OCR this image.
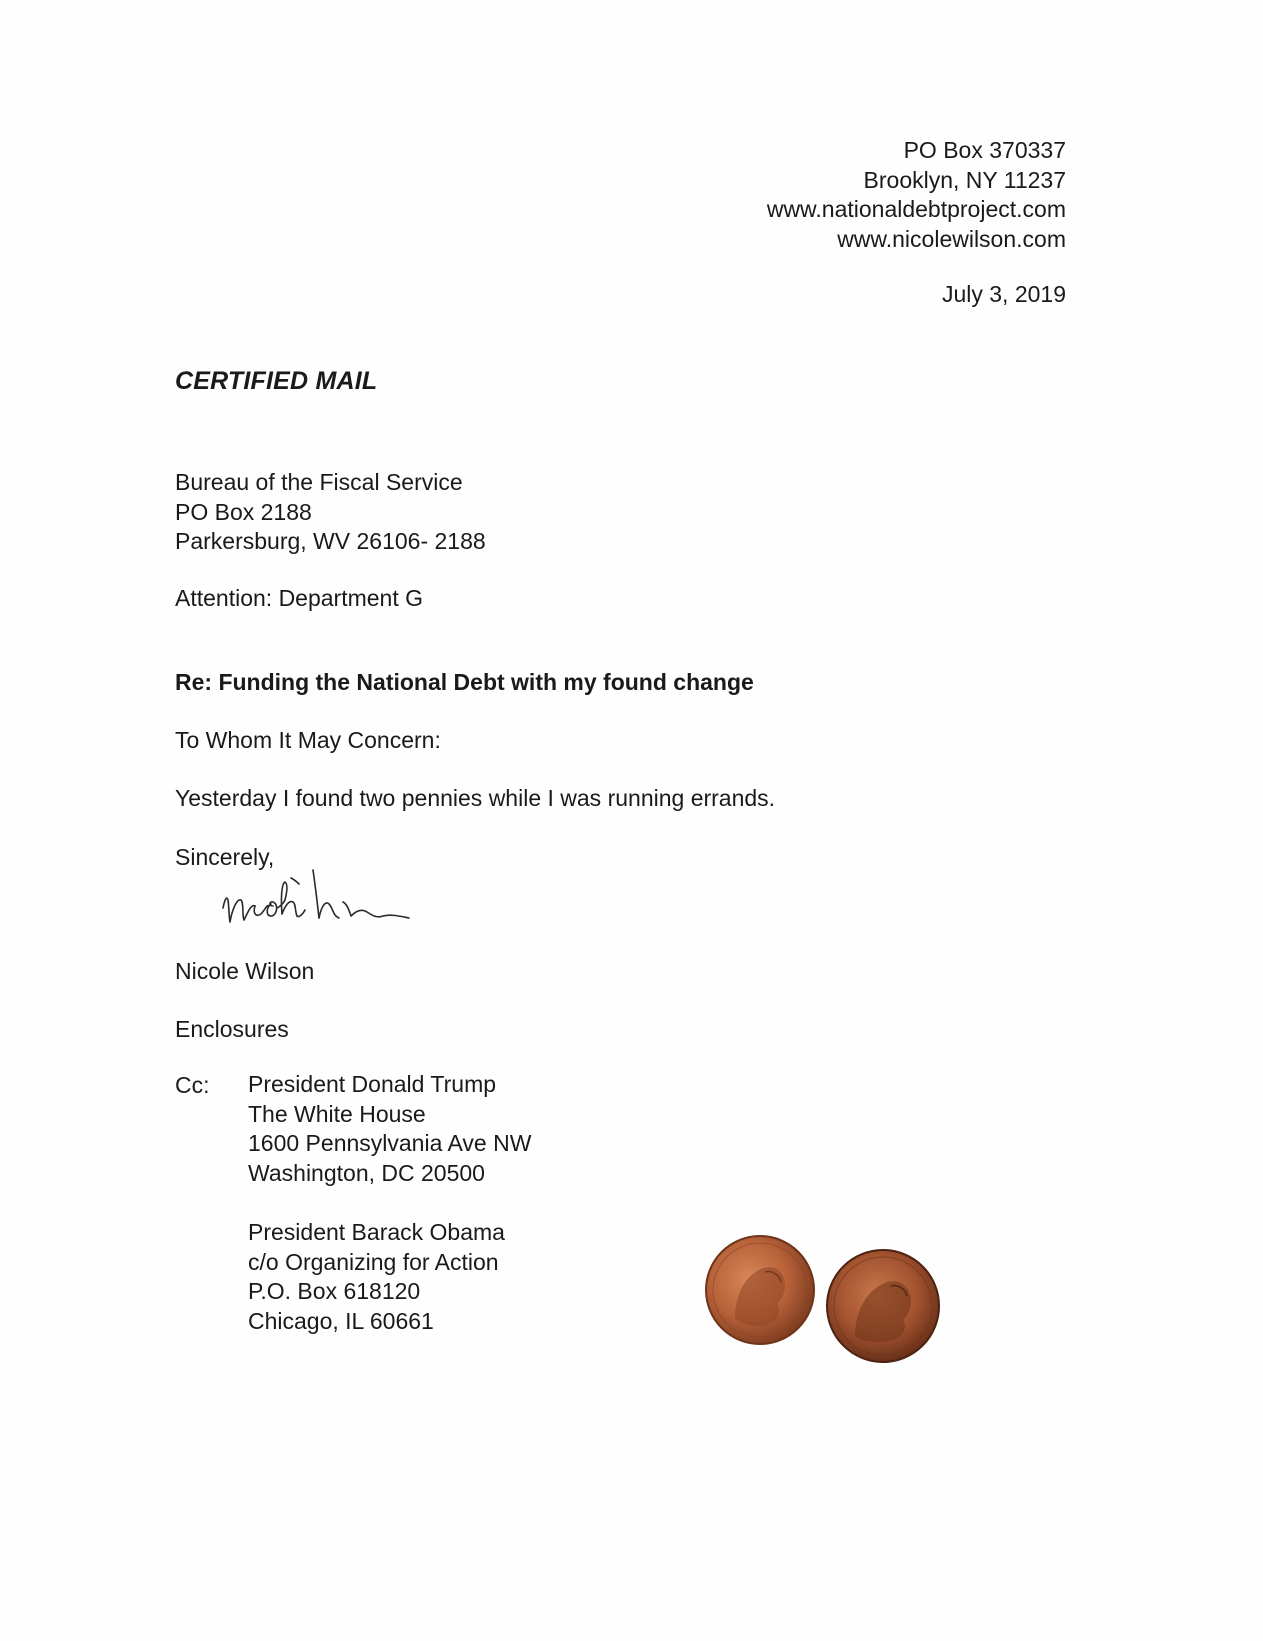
PO Box 370337
Brooklyn, NY 11237
www.nationaldebtproject.com
www.nicolewilson.com
July 3, 2019
CERTIFIED MAIL
Bureau of the Fiscal Service
PO Box 2188
Parkersburg, WV 26106- 2188
Attention: Department G
Re: Funding the National Debt with my found change
To Whom It May Concern:
Yesterday I found two pennies while I was running errands.
Sincerely,
nicole wi
Nicole Wilson
Enclosures
Cc: President Donald Trump
The White House
1600 Pennsylvania Ave NW
Washington, DC 20500
President Barack Obama
c/o Organizing for Action
P.O. Box 618120
Chicago, IL 60661
